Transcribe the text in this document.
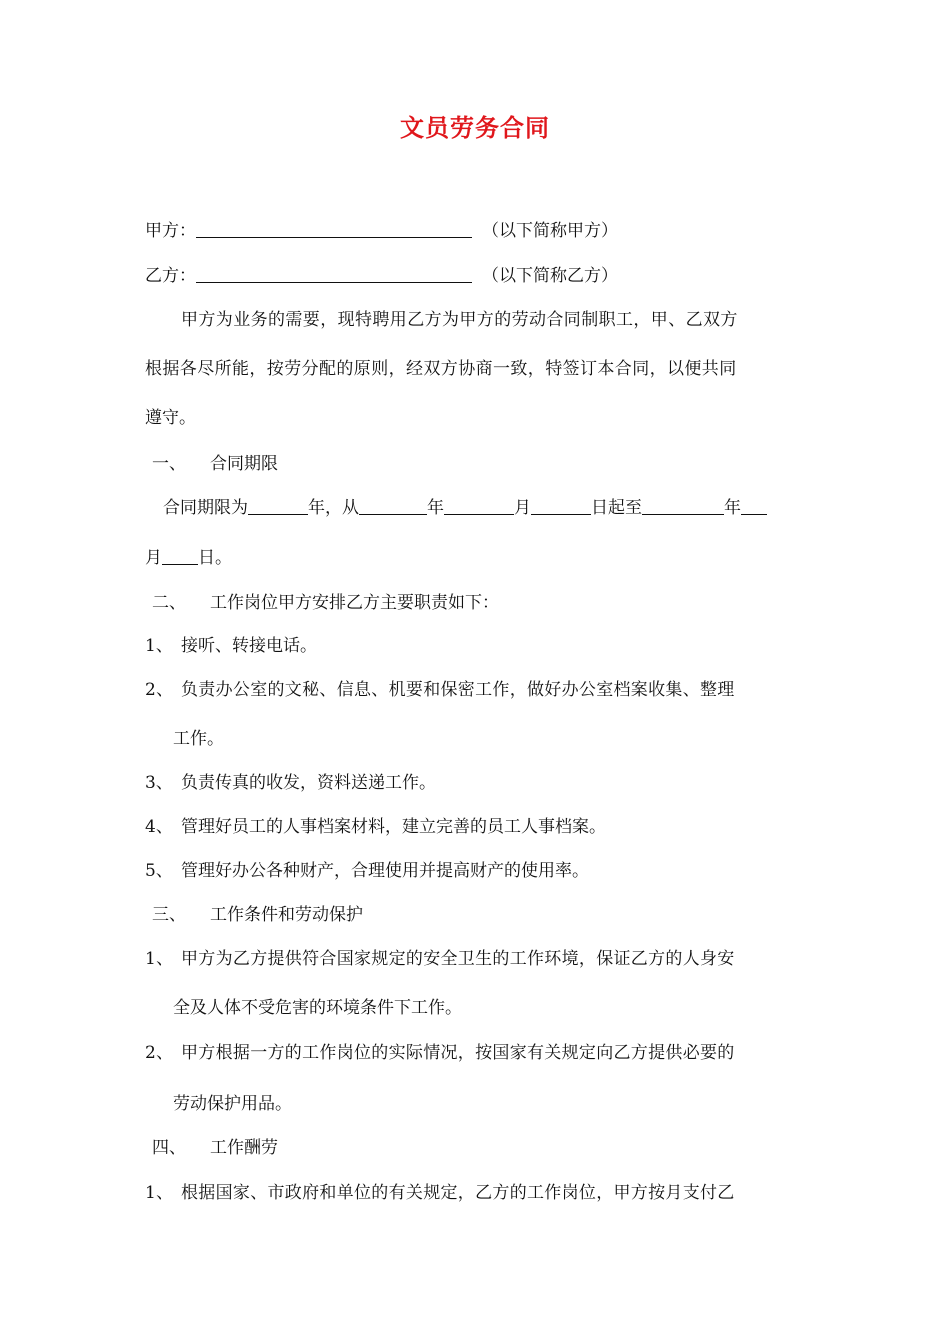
文员劳务合同
甲方：	（以下简称甲方）
乙方：	（以下简称乙方）
甲方为业务的需要，现特聘用乙方为甲方的劳动合同制职工，甲、乙双方
根据各尽所能，按劳分配的原则，经双方协商一致，特签订本合同，以便共同
遵守。
一、 合同期限
合同期限为	年，从	年	月	日起至	年
月 日。
二、 工作岗位甲方安排乙方主要职责如下：
1、 接听、转接电话。
2、 负责办公室的文秘、信息、机要和保密工作，做好办公室档案收集、整理
工作。
3、 负责传真的收发，资料送递工作。
4、 管理好员工的人事档案材料，建立完善的员工人事档案。
5、 管理好办公各种财产，合理使用并提高财产的使用率。
三、 工作条件和劳动保护
1、 甲方为乙方提供符合国家规定的安全卫生的工作环境，保证乙方的人身安
全及人体不受危害的环境条件下工作。
2、 甲方根据一方的工作岗位的实际情况，按国家有关规定向乙方提供必要的
劳动保护用品。
四、 工作酬劳
1、 根据国家、市政府和单位的有关规定，乙方的工作岗位，甲方按月支付乙
